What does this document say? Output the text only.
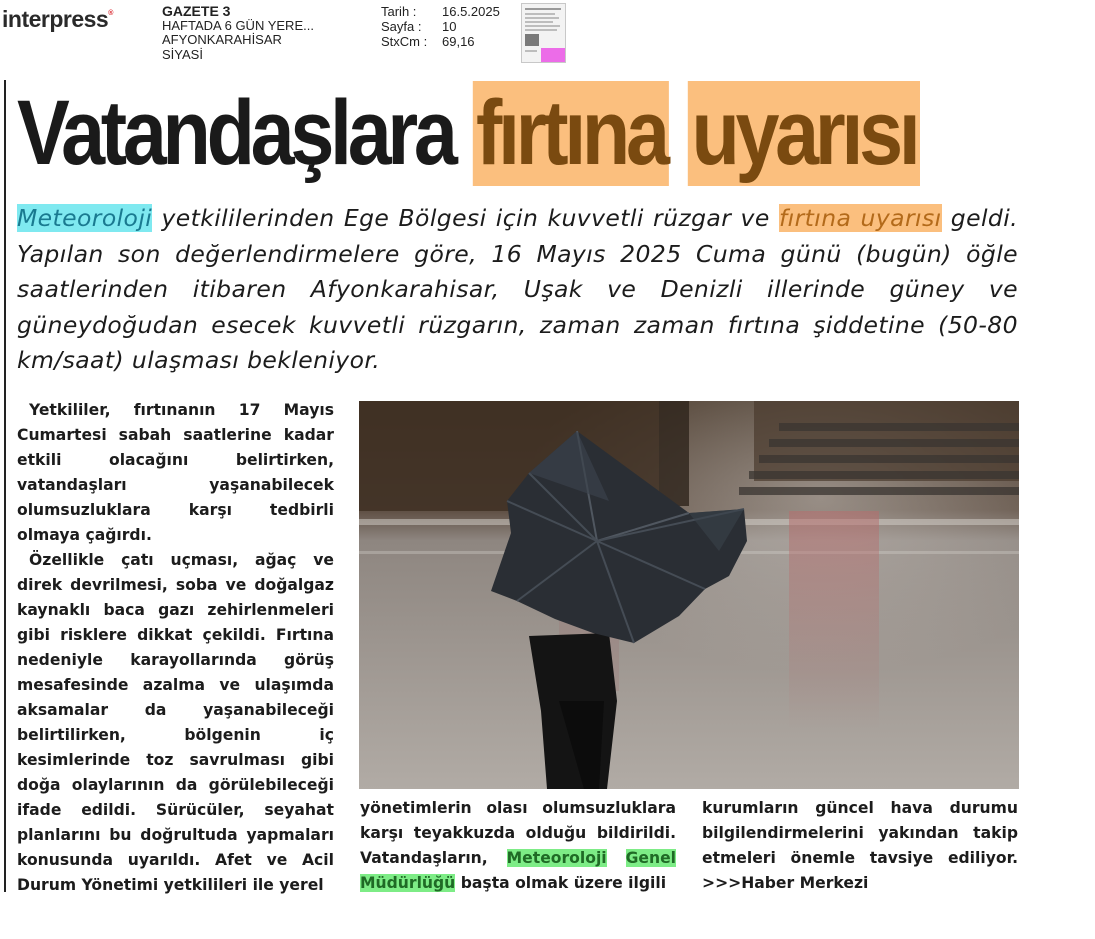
interpress®	GAZETE 3
HAFTADA 6 GÜN YERE...
AFYONKARAHİSAR
SİYASİ
Tarih :	16.5.2025
Sayfa :	10
StxCm :	69,16
Vatandaşlara fırtına uyarısı
Meteoroloji yetkililerinden Ege Bölgesi için kuvvetli rüzgar ve fırtına uyarısı geldi. Yapılan son değerlendirmelere göre, 16 Mayıs 2025 Cuma günü (bugün) öğle saatlerinden itibaren Afyonkarahisar, Uşak ve Denizli illerinde güney ve güneydoğudan esecek kuvvetli rüzgarın, zaman zaman fırtına şiddetine (50-80 km/saat) ulaşması bekleniyor.

Yetkililer, fırtınanın 17 Mayıs Cumartesi sabah saatlerine kadar etkili olacağını belirtirken, vatandaşları yaşanabilecek olumsuzluklara karşı tedbirli olmaya çağırdı.

Özellikle çatı uçması, ağaç ve direk devrilmesi, soba ve doğalgaz kaynaklı baca gazı zehirlenmeleri gibi risklere dikkat çekildi. Fırtına nedeniyle karayollarında görüş mesafesinde azalma ve ulaşımda aksamalar da yaşanabileceği belirtilirken, bölgenin iç kesimlerinde toz savrulması gibi doğa olaylarının da görülebileceği ifade edildi. Sürücüler, seyahat planlarını bu doğrultuda yapmaları konusunda uyarıldı. Afet ve Acil Durum Yönetimi yetkilileri ile yerel

yönetimlerin olası olumsuzluklara karşı teyakkuzda olduğu bildirildi. Vatandaşların, Meteoroloji Genel Müdürlüğü başta olmak üzere ilgili

kurumların güncel hava durumu bilgilendirmelerini yakından takip etmeleri önemle tavsiye ediliyor. >>>Haber Merkezi
